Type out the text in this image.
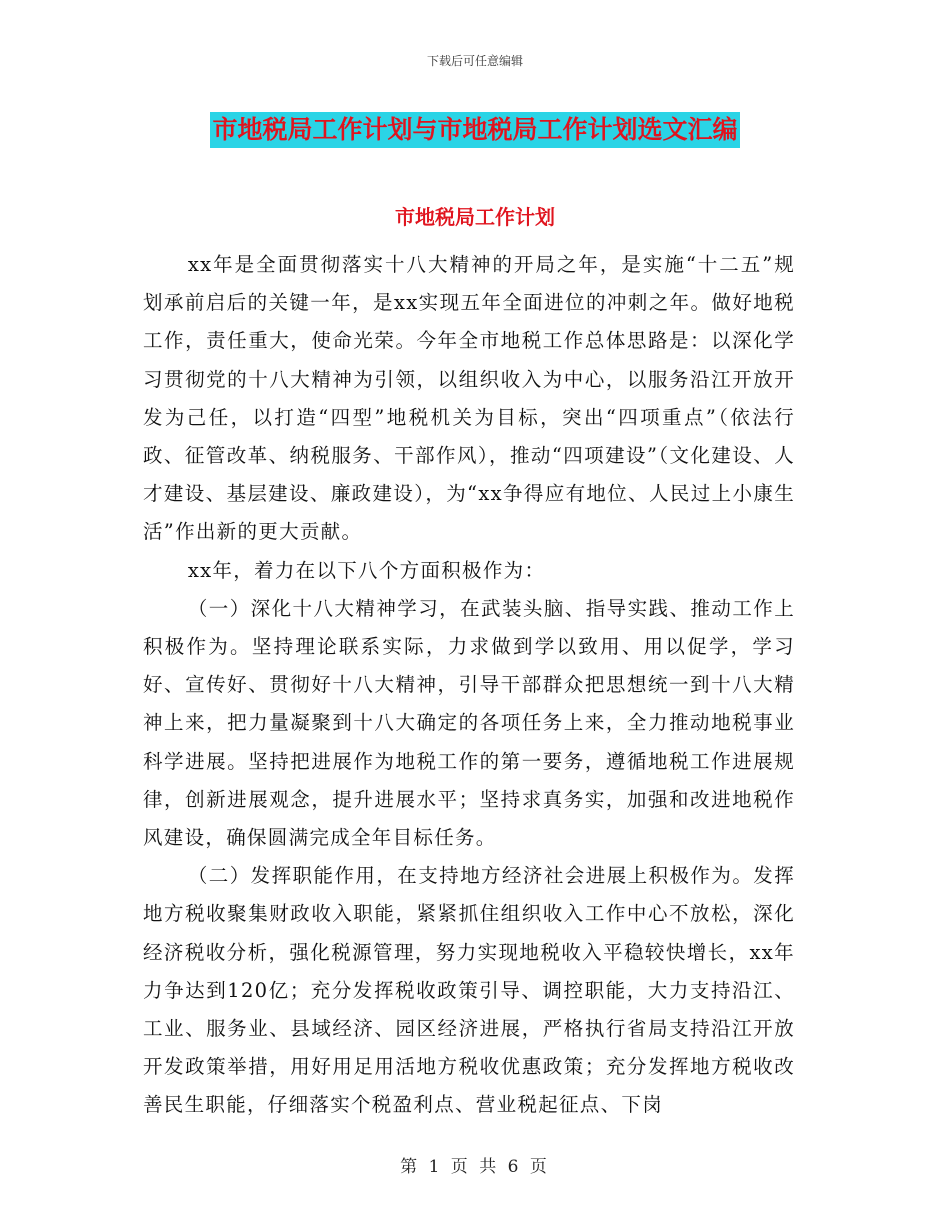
下载后可任意编辑
市地税局工作计划与市地税局工作计划选文汇编
市地税局工作计划

xx年是全面贯彻落实十八大精神的开局之年，是实施“十二五”规划承前启后的关键一年，是xx实现五年全面进位的冲刺之年。做好地税工作，责任重大，使命光荣。今年全市地税工作总体思路是：以深化学习贯彻党的十八大精神为引领，以组织收入为中心，以服务沿江开放开发为己任，以打造“四型”地税机关为目标，突出“四项重点”（依法行政、征管改革、纳税服务、干部作风），推动“四项建设”（文化建设、人才建设、基层建设、廉政建设），为“xx争得应有地位、人民过上小康生活”作出新的更大贡献。

xx年，着力在以下八个方面积极作为：

（一）深化十八大精神学习，在武装头脑、指导实践、推动工作上积极作为。坚持理论联系实际，力求做到学以致用、用以促学，学习好、宣传好、贯彻好十八大精神，引导干部群众把思想统一到十八大精神上来，把力量凝聚到十八大确定的各项任务上来，全力推动地税事业科学进展。坚持把进展作为地税工作的第一要务，遵循地税工作进展规律，创新进展观念，提升进展水平；坚持求真务实，加强和改进地税作风建设，确保圆满完成全年目标任务。

（二）发挥职能作用，在支持地方经济社会进展上积极作为。发挥地方税收聚集财政收入职能，紧紧抓住组织收入工作中心不放松，深化经济税收分析，强化税源管理，努力实现地税收入平稳较快增长，xx年力争达到120亿；充分发挥税收政策引导、调控职能，大力支持沿江、工业、服务业、县域经济、园区经济进展，严格执行省局支持沿江开放开发政策举措，用好用足用活地方税收优惠政策；充分发挥地方税收改善民生职能，仔细落实个税盈利点、营业税起征点、下岗

第 1 页 共 6 页
